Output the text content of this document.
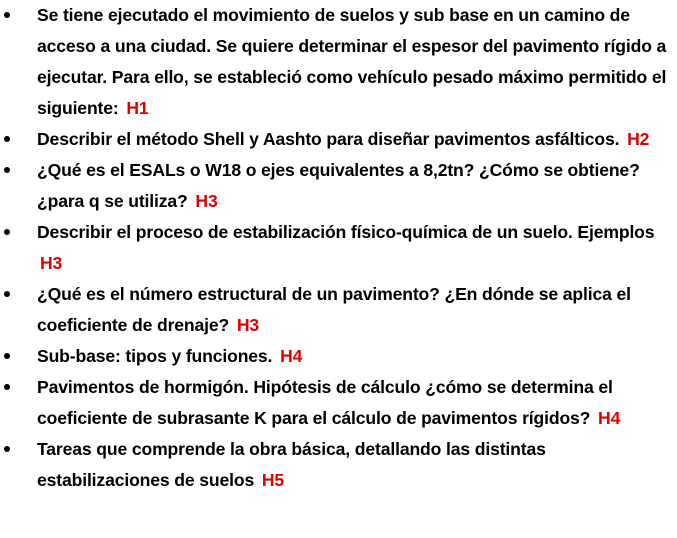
Se tiene ejecutado el movimiento de suelos y sub base en un camino de acceso a una ciudad. Se quiere determinar el espesor del pavimento rígido a ejecutar. Para ello, se estableció como vehículo pesado máximo permitido el siguiente: H1
Describir el método Shell y Aashto para diseñar pavimentos asfálticos. H2
¿Qué es el ESALs o W18 o ejes equivalentes a 8,2tn? ¿Cómo se obtiene? ¿para q se utiliza? H3
Describir el proceso de estabilización físico-química de un suelo. Ejemplos H3
¿Qué es el número estructural de un pavimento? ¿En dónde se aplica el coeficiente de drenaje? H3
Sub-base: tipos y funciones. H4
Pavimentos de hormigón. Hipótesis de cálculo ¿cómo se determina el coeficiente de subrasante K para el cálculo de pavimentos rígidos? H4
Tareas que comprende la obra básica, detallando las distintas estabilizaciones de suelos H5
